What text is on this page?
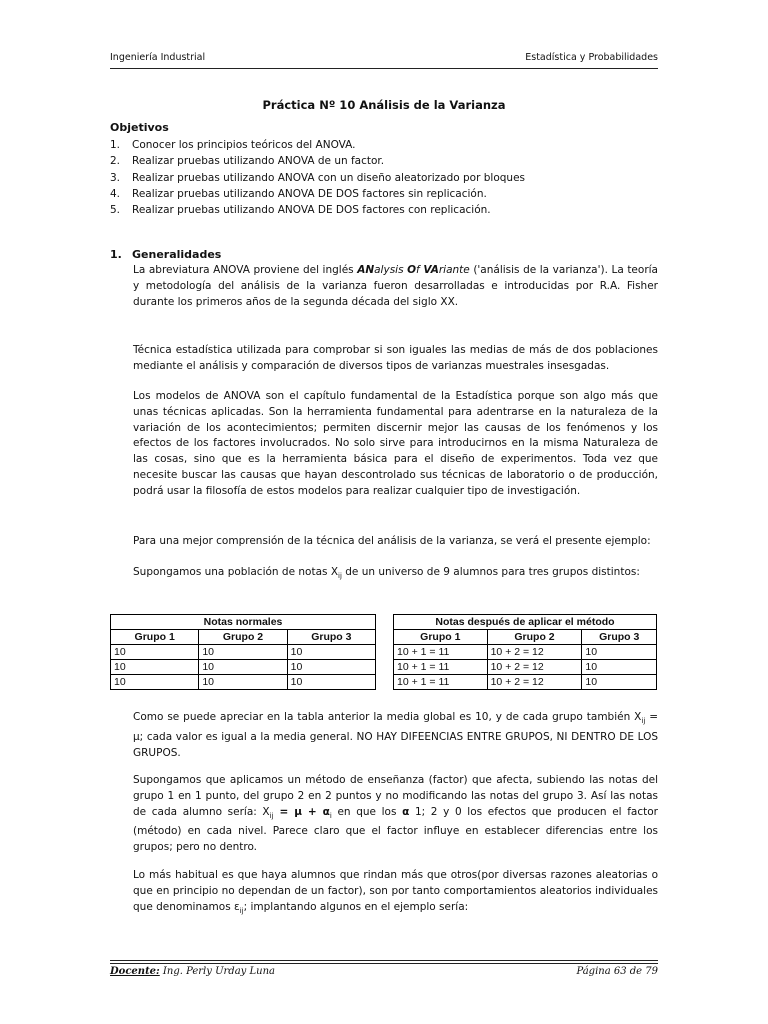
Ingeniería Industrial	Estadística y Probabilidades
Práctica Nº 10 Análisis de la Varianza
Objetivos
1. Conocer los principios teóricos del ANOVA.
2. Realizar pruebas utilizando ANOVA de un factor.
3. Realizar pruebas utilizando ANOVA con un diseño aleatorizado por bloques
4. Realizar pruebas utilizando ANOVA DE DOS factores sin replicación.
5. Realizar pruebas utilizando ANOVA DE DOS factores con replicación.
1. Generalidades

La abreviatura ANOVA proviene del inglés ANalysis Of VAriante ('análisis de la varianza'). La teoría y metodología del análisis de la varianza fueron desarrolladas e introducidas por R.A. Fisher durante los primeros años de la segunda década del siglo XX.

Técnica estadística utilizada para comprobar si son iguales las medias de más de dos poblaciones mediante el análisis y comparación de diversos tipos de varianzas muestrales insesgadas.

Los modelos de ANOVA son el capítulo fundamental de la Estadística porque son algo más que unas técnicas aplicadas. Son la herramienta fundamental para adentrarse en la naturaleza de la variación de los acontecimientos; permiten discernir mejor las causas de los fenómenos y los efectos de los factores involucrados. No solo sirve para introducirnos en la misma Naturaleza de las cosas, sino que es la herramienta básica para el diseño de experimentos. Toda vez que necesite buscar las causas que hayan descontrolado sus técnicas de laboratorio o de producción, podrá usar la filosofía de estos modelos para realizar cualquier tipo de investigación.

Para una mejor comprensión de la técnica del análisis de la varianza, se verá el presente ejemplo:

Supongamos una población de notas $X_{ij}$ de un universo de 9 alumnos para tres grupos distintos:

Notas normales		
Grupo 1	Grupo 2	Grupo 3
10	10	10
10	10	10
10	10	10
Notas después de aplicar el método		
Grupo 1	Grupo 2	Grupo 3
10 + 1 = 11	10 + 2 = 12	10
10 + 1 = 11	10 + 2 = 12	10
10 + 1 = 11	10 + 2 = 12	10

Como se puede apreciar en la tabla anterior la media global es 10, y de cada grupo también $X_{ij} = \mu$; cada valor es igual a la media general. NO HAY DIFEENCIAS ENTRE GRUPOS, NI DENTRO DE LOS GRUPOS.

Supongamos que aplicamos un método de enseñanza (factor) que afecta, subiendo las notas del grupo 1 en 1 punto, del grupo 2 en 2 puntos y no modificando las notas del grupo 3. Así las notas de cada alumno sería: $X_{ij} = \mu + \alpha_i$ en que los α 1; 2 y 0 los efectos que producen el factor (método) en cada nivel. Parece claro que el factor influye en establecer diferencias entre los grupos; pero no dentro.

Lo más habitual es que haya alumnos que rindan más que otros(por diversas razones aleatorias o que en principio no dependan de un factor), son por tanto comportamientos aleatorios individuales que denominamos $\varepsilon_{ij}$; implantando algunos en el ejemplo sería:

Docente: Ing. Perly Urday Luna	Página 63 de 79
